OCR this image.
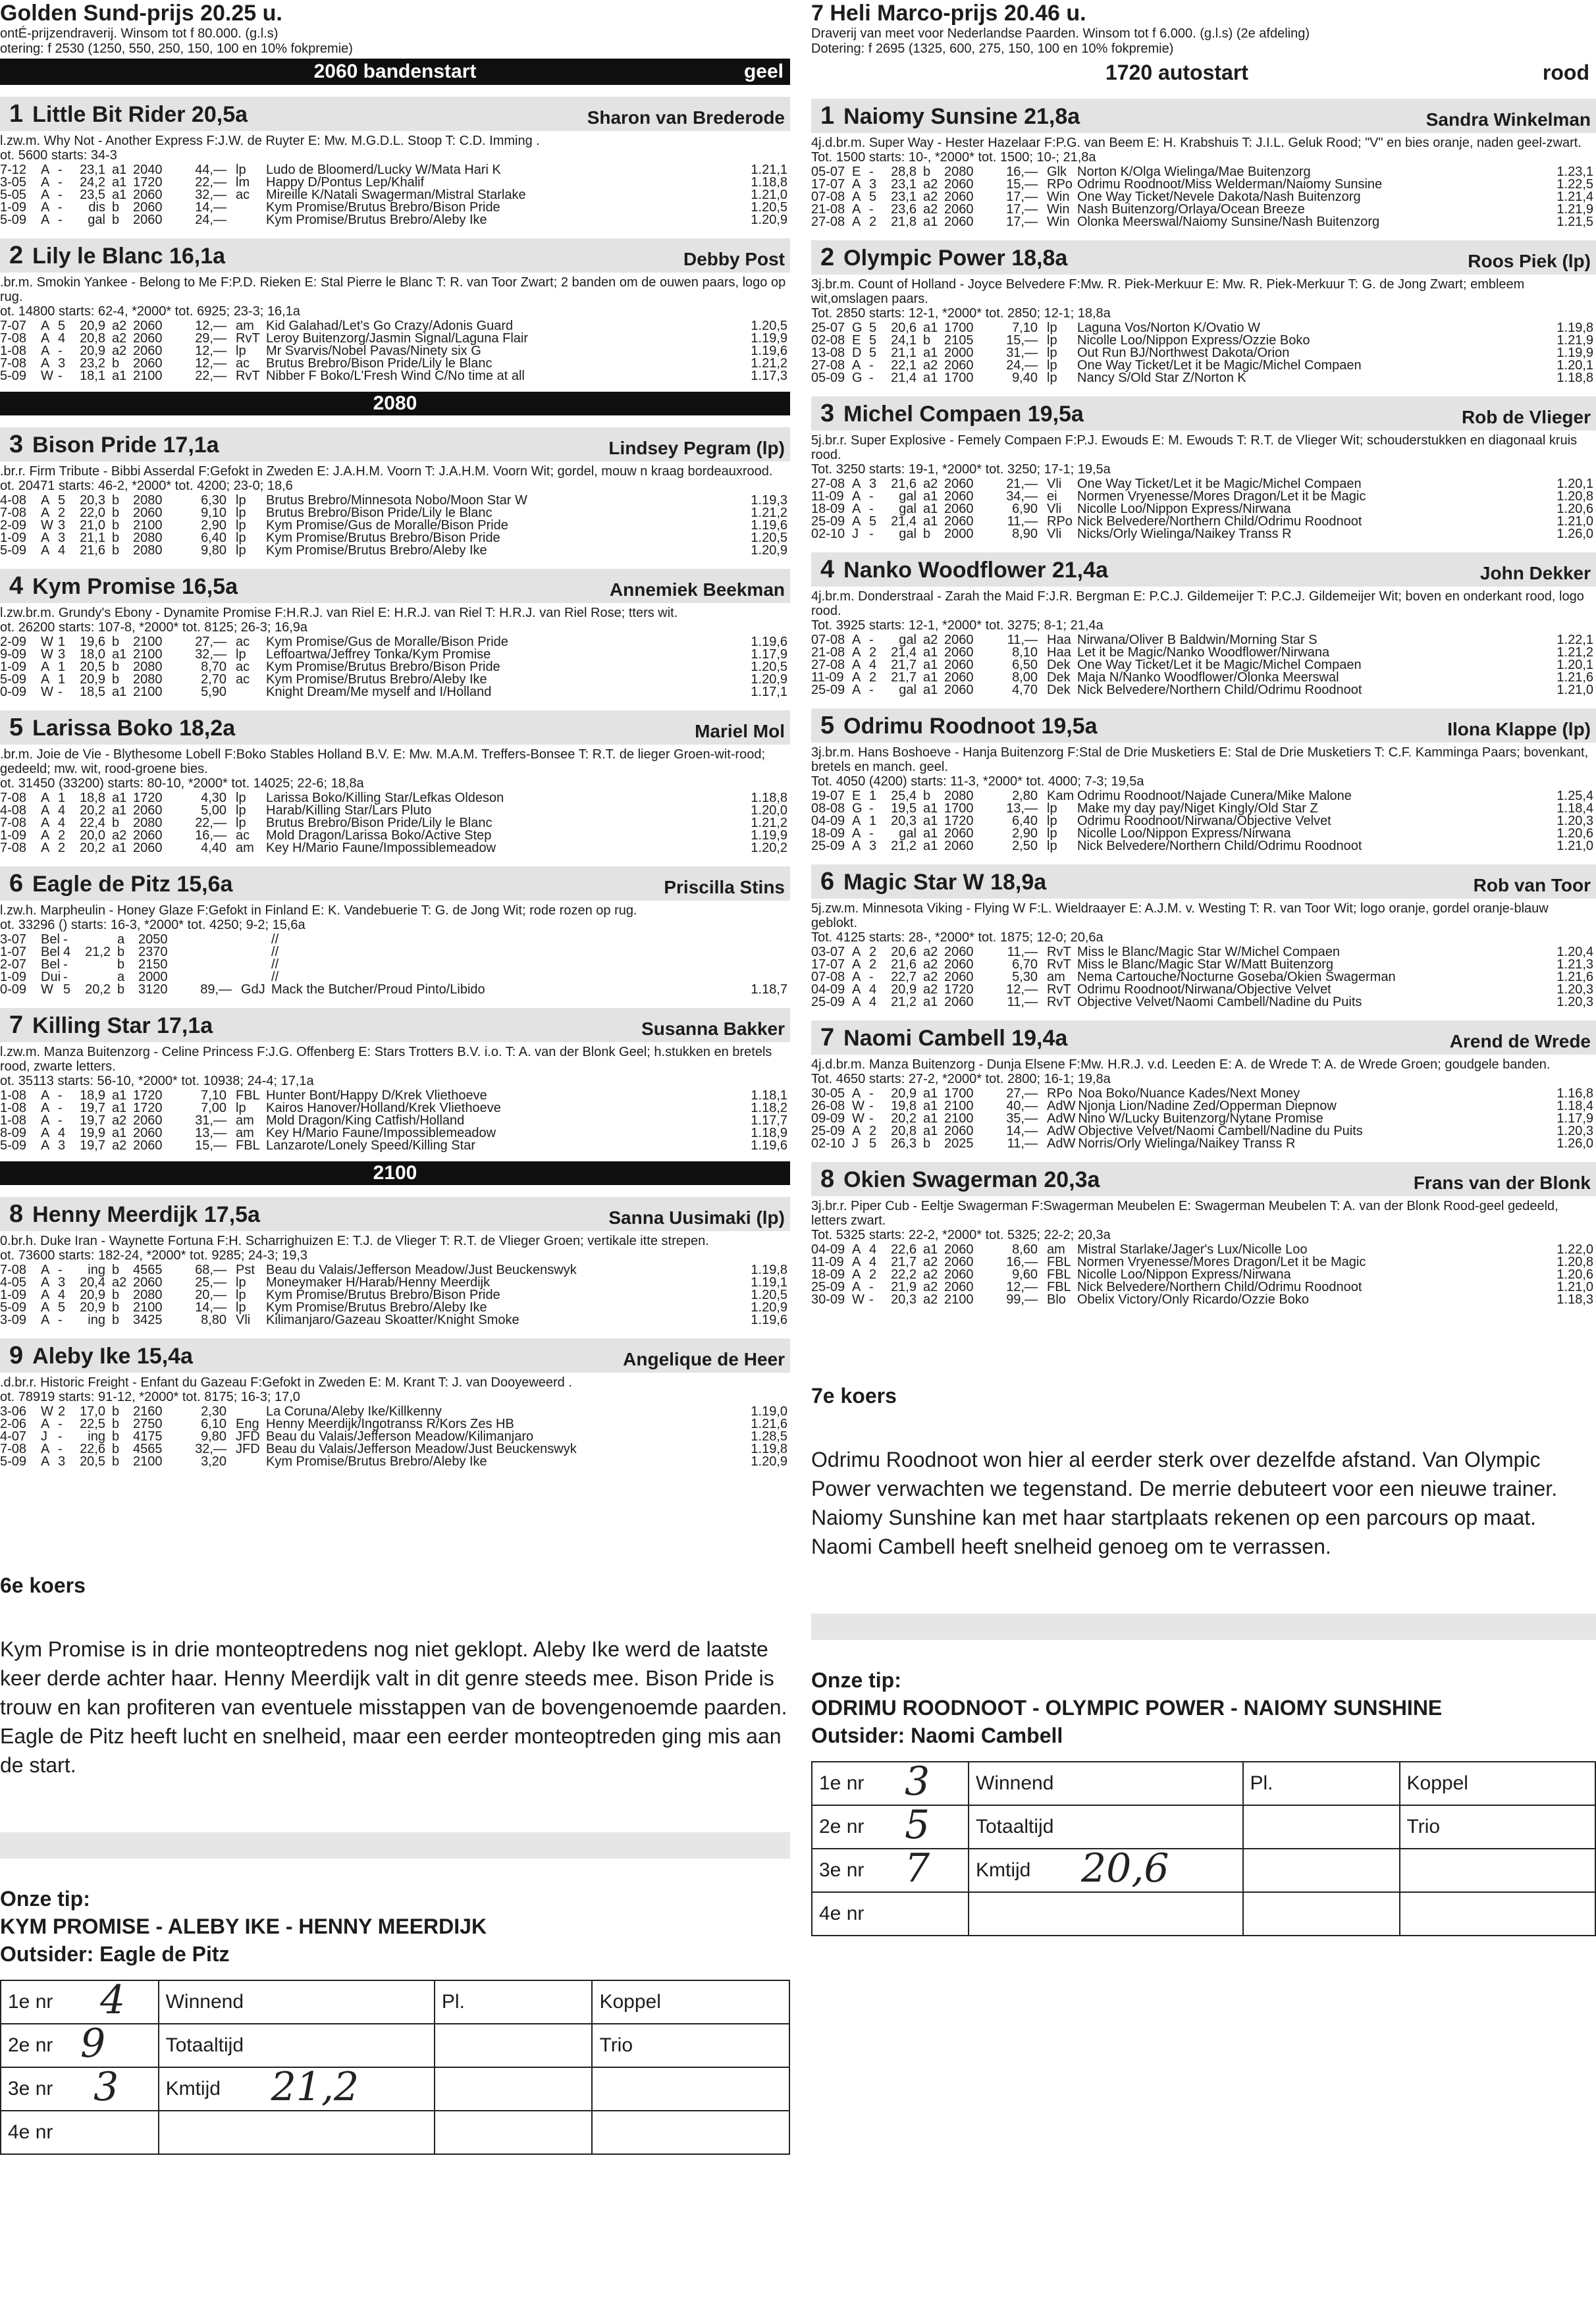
Golden Sund-prijs 20.25 u.
ontÉ-prijzendraverij. Winsom tot f 80.000. (g.l.s)
otering: f 2530 (1250, 550, 250, 150, 100 en 10% fokpremie)
2060 bandenstart	geel
1 Little Bit Rider 20,5a	Sharon van Brederode
l.zw.m. Why Not - Another Express F:J.W. de Ruyter E: Mw. M.G.D.L. Stoop T: C.D. Imming .
ot. 5600 starts: 34-3
7-12	A	-	23,1	a1	2040	44,—	lp	Ludo de Bloomerd/Lucky W/Mata Hari K	1.21,1
3-05	A	-	24,2	a1	1720	22,—	lm	Happy D/Pontus Lep/Khalif	1.18,8
5-05	A	-	23,5	a1	2060	32,—	ac	Mireille K/Natali Swagerman/Mistral Starlake	1.21,0
1-09	A	-	dis	b	2060	14,—		Kym Promise/Brutus Brebro/Bison Pride	1.20,5
5-09	A	-	gal	b	2060	24,—		Kym Promise/Brutus Brebro/Aleby Ike	1.20,9
2 Lily le Blanc 16,1a	Debby Post
.br.m. Smokin Yankee - Belong to Me F:P.D. Rieken E: Stal Pierre le Blanc T: R. van Toor Zwart; 2 banden om de ouwen paars, logo op rug.
ot. 14800 starts: 62-4, *2000* tot. 6925; 23-3; 16,1a
7-07	A	5	20,9	a2	2060	12,—	am	Kid Galahad/Let's Go Crazy/Adonis Guard	1.20,5
7-08	A	4	20,8	a2	2060	29,—	RvT	Leroy Buitenzorg/Jasmin Signal/Laguna Flair	1.19,9
1-08	A	-	20,9	a2	2060	12,—	lp	Mr Svarvis/Nobel Pavas/Ninety six G	1.19,6
7-08	A	3	23,2	b	2060	12,—	ac	Brutus Brebro/Bison Pride/Lily le Blanc	1.21,2
5-09	W	-	18,1	a1	2100	22,—	RvT	Nibber F Boko/L'Fresh Wind C/No time at all	1.17,3
2080
3 Bison Pride 17,1a	Lindsey Pegram (lp)
.br.r. Firm Tribute - Bibbi Asserdal F:Gefokt in Zweden E: J.A.H.M. Voorn T: J.A.H.M. Voorn Wit; gordel, mouw n kraag bordeauxrood.
ot. 20471 starts: 46-2, *2000* tot. 4200; 23-0; 18,6
4-08	A	5	20,3	b	2080	6,30	lp	Brutus Brebro/Minnesota Nobo/Moon Star W	1.19,3
7-08	A	2	22,0	b	2060	9,10	lp	Brutus Brebro/Bison Pride/Lily le Blanc	1.21,2
2-09	W	3	21,0	b	2100	2,90	lp	Kym Promise/Gus de Moralle/Bison Pride	1.19,6
1-09	A	3	21,1	b	2080	6,40	lp	Kym Promise/Brutus Brebro/Bison Pride	1.20,5
5-09	A	4	21,6	b	2080	9,80	lp	Kym Promise/Brutus Brebro/Aleby Ike	1.20,9
4 Kym Promise 16,5a	Annemiek Beekman
l.zw.br.m. Grundy's Ebony - Dynamite Promise F:H.R.J. van Riel E: H.R.J. van Riel T: H.R.J. van Riel Rose; tters wit.
ot. 26200 starts: 107-8, *2000* tot. 8125; 26-3; 16,9a
2-09	W	1	19,6	b	2100	27,—	ac	Kym Promise/Gus de Moralle/Bison Pride	1.19,6
9-09	W	3	18,0	a1	2100	32,—	lp	Leffoartwa/Jeffrey Tonka/Kym Promise	1.17,9
1-09	A	1	20,5	b	2080	8,70	ac	Kym Promise/Brutus Brebro/Bison Pride	1.20,5
5-09	A	1	20,9	b	2080	2,70	ac	Kym Promise/Brutus Brebro/Aleby Ike	1.20,9
0-09	W	-	18,5	a1	2100	5,90		Knight Dream/Me myself and I/Holland	1.17,1
5 Larissa Boko 18,2a	Mariel Mol
.br.m. Joie de Vie - Blythesome Lobell F:Boko Stables Holland B.V. E: Mw. M.A.M. Treffers-Bonsee T: R.T. de lieger Groen-wit-rood; gedeeld; mw. wit, rood-groene bies.
ot. 31450 (33200) starts: 80-10, *2000* tot. 14025; 22-6; 18,8a
7-08	A	1	18,8	a1	1720	4,30	lp	Larissa Boko/Killing Star/Lefkas Oldeson	1.18,8
4-08	A	4	20,2	a1	2060	5,00	lp	Harab/Killing Star/Lars Pluto	1.20,0
7-08	A	4	22,4	b	2080	22,—	lp	Brutus Brebro/Bison Pride/Lily le Blanc	1.21,2
1-09	A	2	20,0	a2	2060	16,—	ac	Mold Dragon/Larissa Boko/Active Step	1.19,9
7-08	A	2	20,2	a1	2060	4,40	am	Key H/Mario Faune/Impossiblemeadow	1.20,2
6 Eagle de Pitz 15,6a	Priscilla Stins
l.zw.h. Marpheulin - Honey Glaze F:Gefokt in Finland E: K. Vandebuerie T: G. de Jong Wit; rode rozen op rug.
ot. 33296 () starts: 16-3, *2000* tot. 4250; 9-2; 15,6a
3-07	Bel	-		a	2050			//	
1-07	Bel	4	21,2	b	2370			//	
2-07	Bel	-		b	2150			//	
1-09	Dui	-		a	2000			//	
0-09	W	5	20,2	b	3120	89,—	GdJ	Mack the Butcher/Proud Pinto/Libido	1.18,7
7 Killing Star 17,1a	Susanna Bakker
l.zw.m. Manza Buitenzorg - Celine Princess F:J.G. Offenberg E: Stars Trotters B.V. i.o. T: A. van der Blonk Geel; h.stukken en bretels rood, zwarte letters.
ot. 35113 starts: 56-10, *2000* tot. 10938; 24-4; 17,1a
1-08	A	-	18,9	a1	1720	7,10	FBL	Hunter Bont/Happy D/Krek Vliethoeve	1.18,1
1-08	A	-	19,7	a1	1720	7,00	lp	Kairos Hanover/Holland/Krek Vliethoeve	1.18,2
1-08	A	-	19,7	a2	2060	31,—	am	Mold Dragon/King Catfish/Holland	1.17,7
8-09	A	4	19,9	a1	2060	13,—	am	Key H/Mario Faune/Impossiblemeadow	1.18,9
5-09	A	3	19,7	a2	2060	15,—	FBL	Lanzarote/Lonely Speed/Killing Star	1.19,6
2100
8 Henny Meerdijk 17,5a	Sanna Uusimaki (lp)
0.br.h. Duke Iran - Waynette Fortuna F:H. Scharrighuizen E: T.J. de Vlieger T: R.T. de Vlieger Groen; vertikale itte strepen.
ot. 73600 starts: 182-24, *2000* tot. 9285; 24-3; 19,3
7-08	A	-	ing	b	4565	68,—	Pst	Beau du Valais/Jefferson Meadow/Just Beuckenswyk	1.19,8
4-05	A	3	20,4	a2	2060	25,—	lp	Moneymaker H/Harab/Henny Meerdijk	1.19,1
1-09	A	4	20,9	b	2080	20,—	lp	Kym Promise/Brutus Brebro/Bison Pride	1.20,5
5-09	A	5	20,9	b	2100	14,—	lp	Kym Promise/Brutus Brebro/Aleby Ike	1.20,9
3-09	A	-	ing	b	3425	8,80	Vli	Kilimanjaro/Gazeau Skoatter/Knight Smoke	1.19,6
9 Aleby Ike 15,4a	Angelique de Heer
.d.br.r. Historic Freight - Enfant du Gazeau F:Gefokt in Zweden E: M. Krant T: J. van Dooyeweerd .
ot. 78919 starts: 91-12, *2000* tot. 8175; 16-3; 17,0
3-06	W	2	17,0	b	2160	2,30		La Coruna/Aleby Ike/Killkenny	1.19,0
2-06	A	-	22,5	b	2750	6,10	Eng	Henny Meerdijk/Ingotranss R/Kors Zes HB	1.21,6
4-07	J	-	ing	b	4175	9,80	JFD	Beau du Valais/Jefferson Meadow/Kilimanjaro	1.28,5
7-08	A	-	22,6	b	4565	32,—	JFD	Beau du Valais/Jefferson Meadow/Just Beuckenswyk	1.19,8
5-09	A	3	20,5	b	2100	3,20		Kym Promise/Brutus Brebro/Aleby Ike	1.20,9
6e koers
Kym Promise is in drie monteoptredens nog niet geklopt. Aleby Ike werd de laatste keer derde achter haar. Henny Meerdijk valt in dit genre steeds mee. Bison Pride is trouw en kan profiteren van eventuele misstappen van de bovengenoemde paarden. Eagle de Pitz heeft lucht en snelheid, maar een eerder monteoptreden ging mis aan de start.
Onze tip:
KYM PROMISE - ALEBY IKE - HENNY MEERDIJK
Outsider: Eagle de Pitz
1e nr 4	Winnend	Pl.	Koppel
2e nr 9	Totaaltijd		Trio
3e nr 3	Kmtijd 21,2		

4e nr			
7 Heli Marco-prijs 20.46 u.
Draverij van meet voor Nederlandse Paarden. Winsom tot f 6.000. (g.l.s) (2e afdeling)
Dotering: f 2695 (1325, 600, 275, 150, 100 en 10% fokpremie)
1720 autostart	rood
1 Naiomy Sunsine 21,8a	Sandra Winkelman
4j.d.br.m. Super Way - Hester Hazelaar F:P.G. van Beem E: H. Krabshuis T: J.I.L. Geluk Rood; "V" en bies oranje, naden geel-zwart.
Tot. 1500 starts: 10-, *2000* tot. 1500; 10-; 21,8a
05-07	E	-	28,8	b	2080	16,—	Glk	Norton K/Olga Wielinga/Mae Buitenzorg	1.23,1
17-07	A	3	23,1	a2	2060	15,—	RPo	Odrimu Roodnoot/Miss Welderman/Naiomy Sunsine	1.22,5
07-08	A	5	23,1	a2	2060	17,—	Win	One Way Ticket/Nevele Dakota/Nash Buitenzorg	1.21,4
21-08	A	-	23,6	a2	2060	17,—	Win	Nash Buitenzorg/Orlaya/Ocean Breeze	1.21,9
27-08	A	2	21,8	a1	2060	17,—	Win	Olonka Meerswal/Naiomy Sunsine/Nash Buitenzorg	1.21,5
2 Olympic Power 18,8a	Roos Piek (lp)
3j.br.m. Count of Holland - Joyce Belvedere F:Mw. R. Piek-Merkuur E: Mw. R. Piek-Merkuur T: G. de Jong Zwart; embleem wit,omslagen paars.
Tot. 2850 starts: 12-1, *2000* tot. 2850; 12-1; 18,8a
25-07	G	5	20,6	a1	1700	7,10	lp	Laguna Vos/Norton K/Ovatio W	1.19,8
02-08	E	5	24,1	b	2105	15,—	lp	Nicolle Loo/Nippon Express/Ozzie Boko	1.21,9
13-08	D	5	21,1	a1	2000	31,—	lp	Out Run BJ/Northwest Dakota/Orion	1.19,9
27-08	A	-	22,1	a2	2060	24,—	lp	One Way Ticket/Let it be Magic/Michel Compaen	1.20,1
05-09	G	-	21,4	a1	1700	9,40	lp	Nancy S/Old Star Z/Norton K	1.18,8
3 Michel Compaen 19,5a	Rob de Vlieger
5j.br.r. Super Explosive - Femely Compaen F:P.J. Ewouds E: M. Ewouds T: R.T. de Vlieger Wit; schouderstukken en diagonaal kruis rood.
Tot. 3250 starts: 19-1, *2000* tot. 3250; 17-1; 19,5a
27-08	A	3	21,6	a2	2060	21,—	Vli	One Way Ticket/Let it be Magic/Michel Compaen	1.20,1
11-09	A	-	gal	a1	2060	34,—	ei	Normen Vryenesse/Mores Dragon/Let it be Magic	1.20,8
18-09	A	-	gal	a1	2060	6,90	Vli	Nicolle Loo/Nippon Express/Nirwana	1.20,6
25-09	A	5	21,4	a1	2060	11,—	RPo	Nick Belvedere/Northern Child/Odrimu Roodnoot	1.21,0
02-10	J	-	gal	b	2000	8,90	Vli	Nicks/Orly Wielinga/Naikey Transs R	1.26,0
4 Nanko Woodflower 21,4a	John Dekker
4j.br.m. Donderstraal - Zarah the Maid F:J.R. Bergman E: P.C.J. Gildemeijer T: P.C.J. Gildemeijer Wit; boven en onderkant rood, logo rood.
Tot. 3925 starts: 12-1, *2000* tot. 3275; 8-1; 21,4a
07-08	A	-	gal	a2	2060	11,—	Haa	Nirwana/Oliver B Baldwin/Morning Star S	1.22,1
21-08	A	2	21,4	a1	2060	8,10	Haa	Let it be Magic/Nanko Woodflower/Nirwana	1.21,2
27-08	A	4	21,7	a1	2060	6,50	Dek	One Way Ticket/Let it be Magic/Michel Compaen	1.20,1
11-09	A	2	21,7	a1	2060	8,00	Dek	Maja N/Nanko Woodflower/Olonka Meerswal	1.21,6
25-09	A	-	gal	a1	2060	4,70	Dek	Nick Belvedere/Northern Child/Odrimu Roodnoot	1.21,0
5 Odrimu Roodnoot 19,5a	Ilona Klappe (lp)
3j.br.m. Hans Boshoeve - Hanja Buitenzorg F:Stal de Drie Musketiers E: Stal de Drie Musketiers T: C.F. Kamminga Paars; bovenkant, bretels en manch. geel.
Tot. 4050 (4200) starts: 11-3, *2000* tot. 4000; 7-3; 19,5a
19-07	E	1	25,4	b	2080	2,80	Kam	Odrimu Roodnoot/Najade Cunera/Mike Malone	1.25,4
08-08	G	-	19,5	a1	1700	13,—	lp	Make my day pay/Niget Kingly/Old Star Z	1.18,4
04-09	A	1	20,3	a1	1720	6,40	lp	Odrimu Roodnoot/Nirwana/Objective Velvet	1.20,3
18-09	A	-	gal	a1	2060	2,90	lp	Nicolle Loo/Nippon Express/Nirwana	1.20,6
25-09	A	3	21,2	a1	2060	2,50	lp	Nick Belvedere/Northern Child/Odrimu Roodnoot	1.21,0
6 Magic Star W 18,9a	Rob van Toor
5j.zw.m. Minnesota Viking - Flying W F:L. Wieldraayer E: A.J.M. v. Westing T: R. van Toor Wit; logo oranje, gordel oranje-blauw geblokt.
Tot. 4125 starts: 28-, *2000* tot. 1875; 12-0; 20,6a
03-07	A	2	20,6	a2	2060	11,—	RvT	Miss le Blanc/Magic Star W/Michel Compaen	1.20,4
17-07	A	2	21,6	a2	2060	6,70	RvT	Miss le Blanc/Magic Star W/Matt Buitenzorg	1.21,3
07-08	A	-	22,7	a2	2060	5,30	am	Nema Cartouche/Nocturne Goseba/Okien Swagerman	1.21,6
04-09	A	4	20,9	a2	1720	12,—	RvT	Odrimu Roodnoot/Nirwana/Objective Velvet	1.20,3
25-09	A	4	21,2	a1	2060	11,—	RvT	Objective Velvet/Naomi Cambell/Nadine du Puits	1.20,3
7 Naomi Cambell 19,4a	Arend de Wrede
4j.d.br.m. Manza Buitenzorg - Dunja Elsene F:Mw. H.R.J. v.d. Leeden E: A. de Wrede T: A. de Wrede Groen; goudgele banden.
Tot. 4650 starts: 27-2, *2000* tot. 2800; 16-1; 19,8a
30-05	A	-	20,9	a1	1700	27,—	RPo	Noa Boko/Nuance Kades/Next Money	1.16,8
26-08	W	-	19,8	a1	2100	40,—	AdW	Njonja Lion/Nadine Zed/Opperman Diepnow	1.18,4
09-09	W	-	20,2	a1	2100	35,—	AdW	Nino W/Lucky Buitenzorg/Nytane Promise	1.17,9
25-09	A	2	20,8	a1	2060	14,—	AdW	Objective Velvet/Naomi Cambell/Nadine du Puits	1.20,3
02-10	J	5	26,3	b	2025	11,—	AdW	Norris/Orly Wielinga/Naikey Transs R	1.26,0
8 Okien Swagerman 20,3a	Frans van der Blonk
3j.br.r. Piper Cub - Eeltje Swagerman F:Swagerman Meubelen E: Swagerman Meubelen T: A. van der Blonk Rood-geel gedeeld, letters zwart.
Tot. 5325 starts: 22-2, *2000* tot. 5325; 22-2; 20,3a
04-09	A	4	22,6	a1	2060	8,60	am	Mistral Starlake/Jager's Lux/Nicolle Loo	1.22,0
11-09	A	4	21,7	a2	2060	16,—	FBL	Normen Vryenesse/Mores Dragon/Let it be Magic	1.20,8
18-09	A	2	22,2	a2	2060	9,60	FBL	Nicolle Loo/Nippon Express/Nirwana	1.20,6
25-09	A	-	21,9	a2	2060	12,—	FBL	Nick Belvedere/Northern Child/Odrimu Roodnoot	1.21,0
30-09	W	-	20,3	a2	2100	99,—	Blo	Obelix Victory/Only Ricardo/Ozzie Boko	1.18,3
7e koers
Odrimu Roodnoot won hier al eerder sterk over dezelfde afstand. Van Olympic Power verwachten we tegenstand. De merrie debuteert voor een nieuwe trainer. Naiomy Sunshine kan met haar startplaats rekenen op een parcours op maat. Naomi Cambell heeft snelheid genoeg om te verrassen.
Onze tip:
ODRIMU ROODNOOT - OLYMPIC POWER - NAIOMY SUNSHINE
Outsider: Naomi Cambell
1e nr 3	Winnend	Pl.	Koppel
2e nr 5	Totaaltijd		Trio
3e nr 7	Kmtijd 20,6		

4e nr			
